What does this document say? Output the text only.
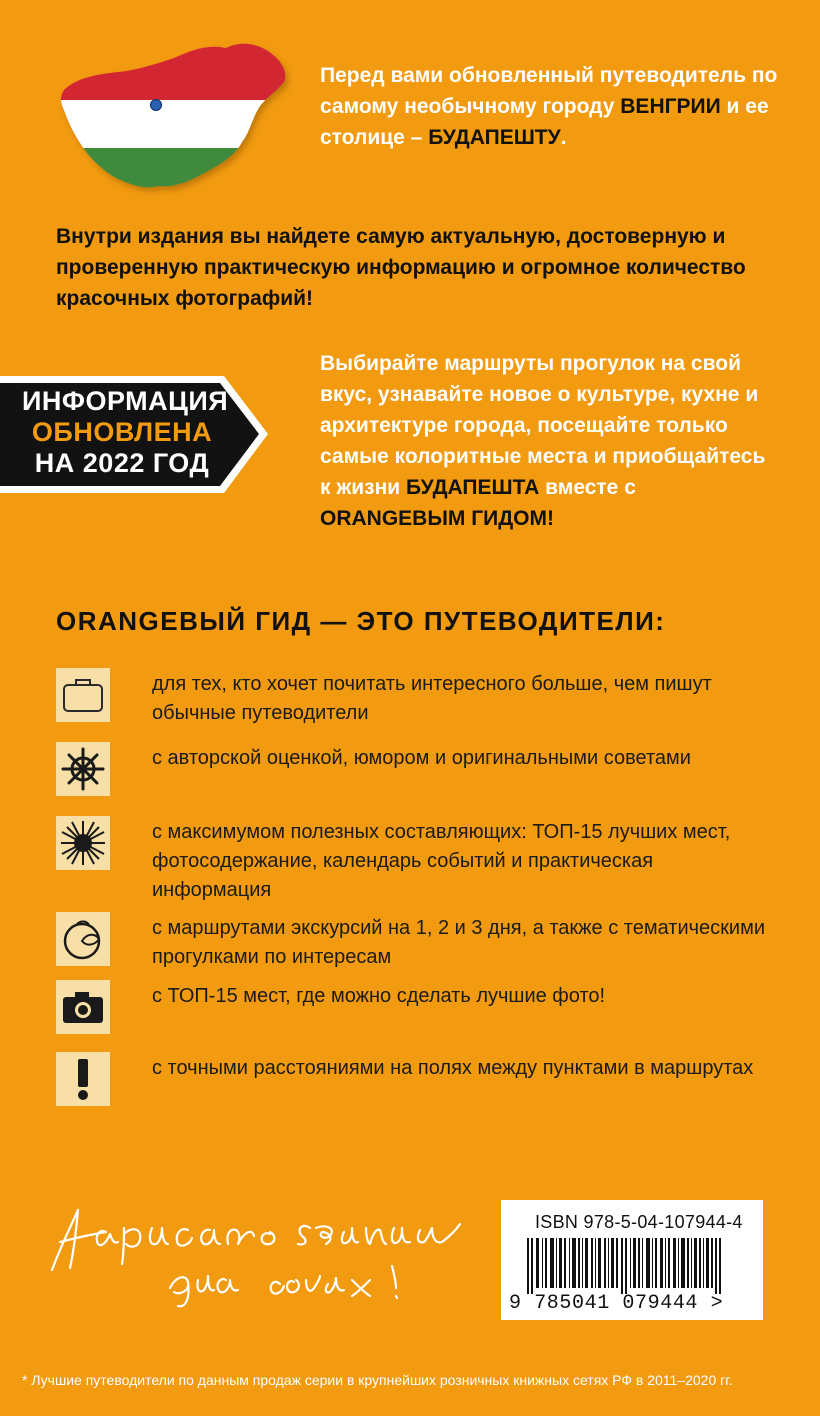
Перед вами обновленный путеводитель по самому необычному городу ВЕНГРИИ и ее столице – БУДАПЕШТУ.

Внутри издания вы найдете самую актуальную, достоверную и проверенную практическую информацию и огромное количество красочных фотографий!

ИНФОРМАЦИЯ
ОБНОВЛЕНА
НА 2022 ГОД

Выбирайте маршруты прогулок на свой вкус, узнавайте новое о культуре, кухне и архитектуре города, посещайте только самые колоритные места и приобщайтесь к жизни БУДАПЕШТА вместе с ORANGEВЫМ ГИДОМ!

ORANGEВЫЙ ГИД — ЭТО ПУТЕВОДИТЕЛИ:

для тех, кто хочет почитать интересного больше, чем пишут обычные путеводители

с авторской оценкой, юмором и оригинальными советами

с максимумом полезных составляющих: ТОП-15 лучших мест, фотосодержание, календарь событий и практическая информация

с маршрутами экскурсий на 1, 2 и 3 дня, а также с тематическими прогулками по интересам

с ТОП-15 мест, где можно сделать лучшие фото!

с точными расстояниями на полях между пунктами в маршрутах

ISBN 978-5-04-107944-4
9 785041 079444 >

* Лучшие путеводители по данным продаж серии в крупнейших розничных книжных сетях РФ в 2011–2020 гг.
